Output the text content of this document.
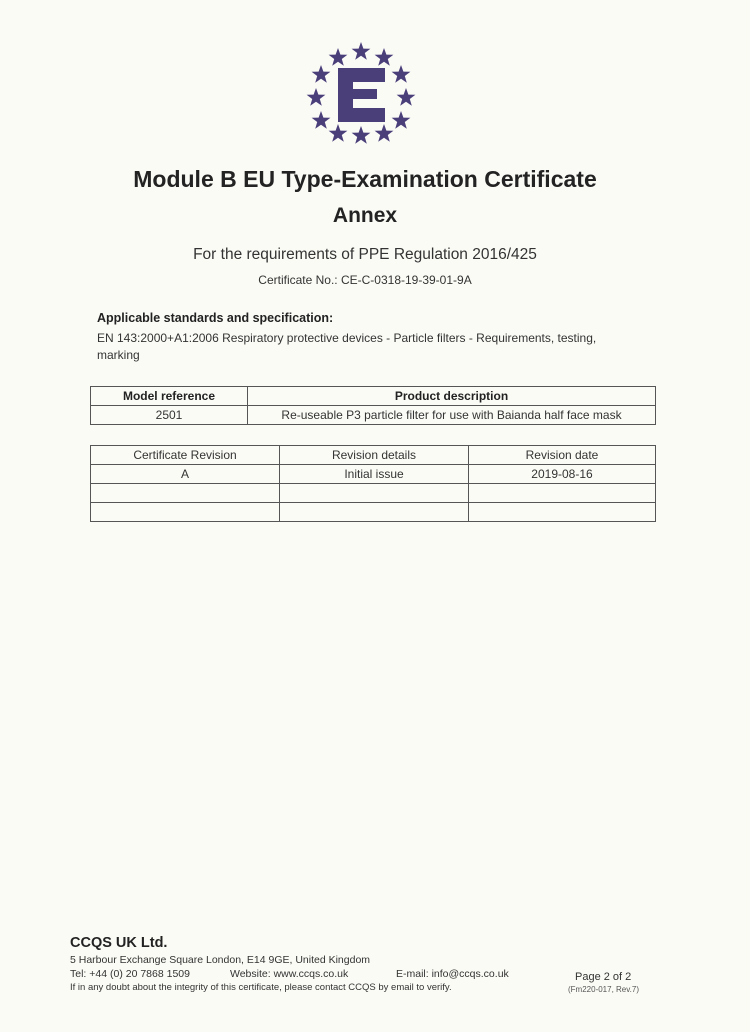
Module B EU Type-Examination Certificate
Annex
For the requirements of PPE Regulation 2016/425
Certificate No.: CE-C-0318-19-39-01-9A
Applicable standards and specification:
EN 143:2000+A1:2006 Respiratory protective devices - Particle filters - Requirements, testing, marking
Model reference	Product description
2501	Re-useable P3 particle filter for use with Baianda half face mask
Certificate Revision	Revision details	Revision date
A	Initial issue	2019-08-16

CCQS UK Ltd.
5 Harbour Exchange Square London, E14 9GE, United Kingdom
Tel: +44 (0) 20 7868 1509	Website: www.ccqs.co.uk	E-mail: info@ccqs.co.uk
If in any doubt about the integrity of this certificate, please contact CCQS by email to verify.
Page 2 of 2
(Fm220-017, Rev.7)
